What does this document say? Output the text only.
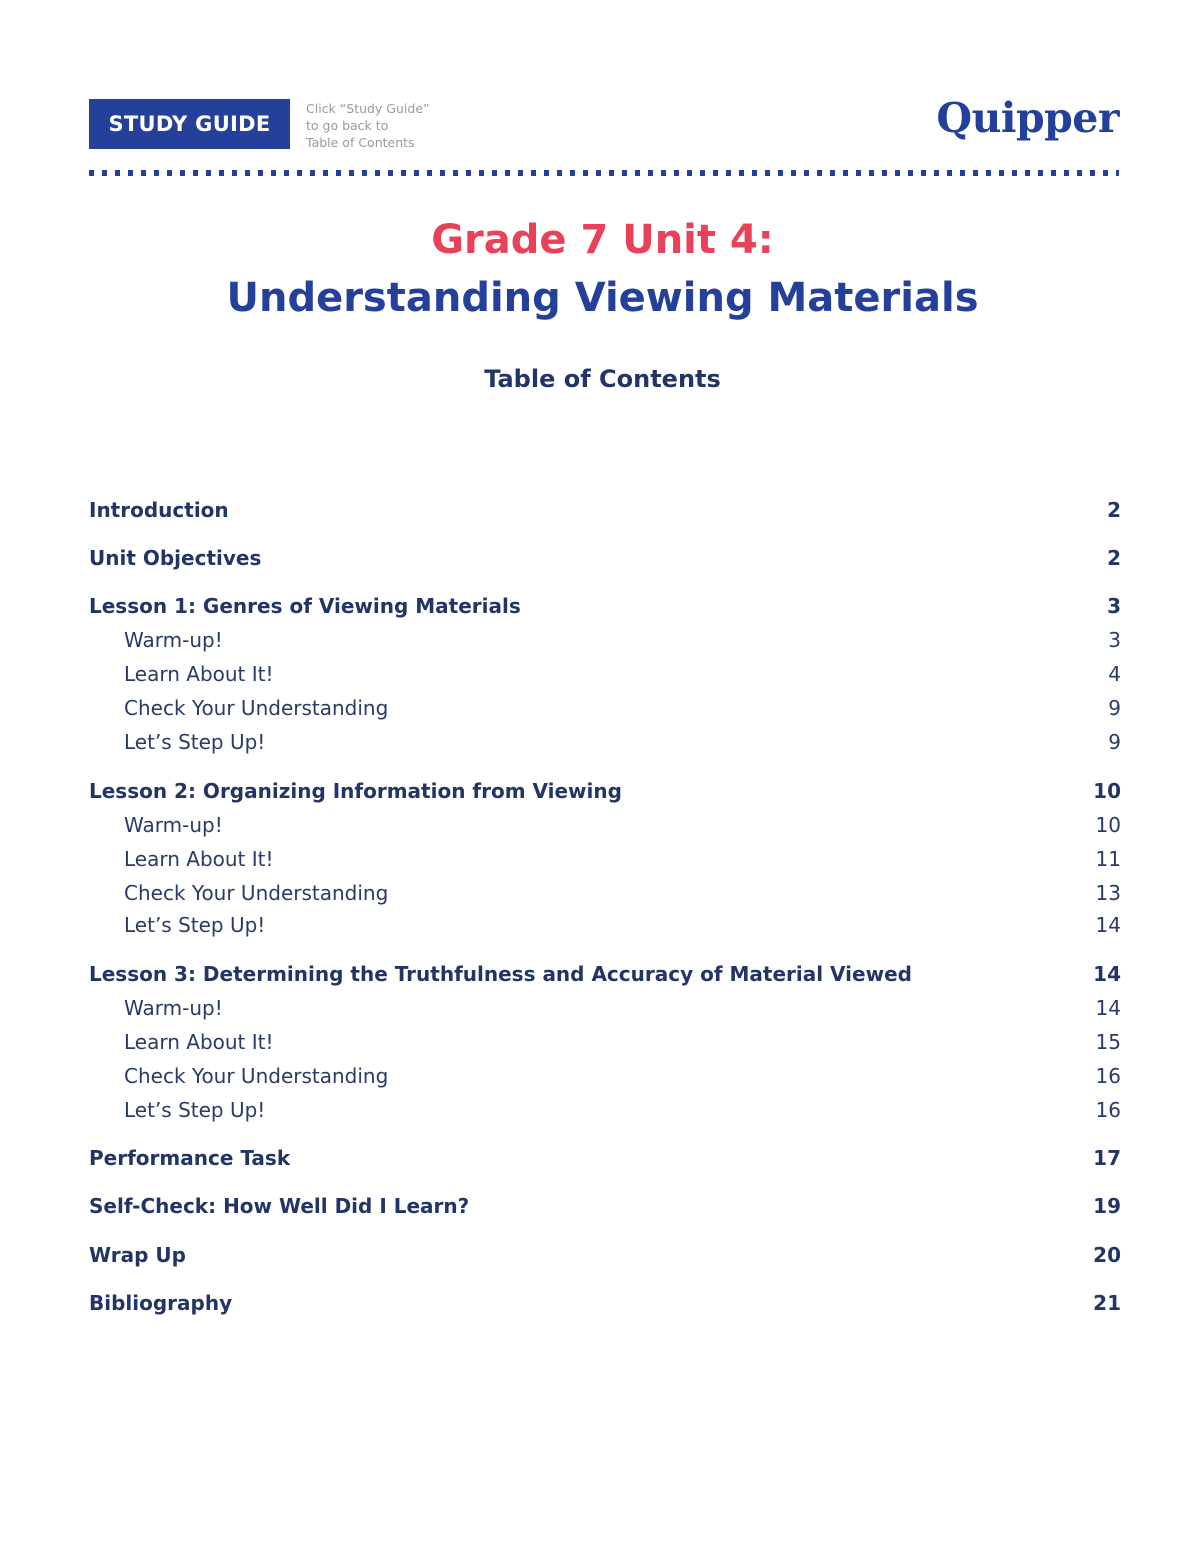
STUDY GUIDE
Click “Study Guide”
to go back to
Table of Contents
Quipper
Grade 7 Unit 4:
Understanding Viewing Materials
Table of Contents
Introduction	2
Unit Objectives	2
Lesson 1: Genres of Viewing Materials	3
Warm-up!	3
Learn About It!	4
Check Your Understanding	9
Let’s Step Up!	9
Lesson 2: Organizing Information from Viewing	10
Warm-up!	10
Learn About It!	11
Check Your Understanding	13
Let’s Step Up!	14
Lesson 3: Determining the Truthfulness and Accuracy of Material Viewed	14
Warm-up!	14
Learn About It!	15
Check Your Understanding	16
Let’s Step Up!	16
Performance Task	17
Self-Check: How Well Did I Learn?	19
Wrap Up	20
Bibliography	21
